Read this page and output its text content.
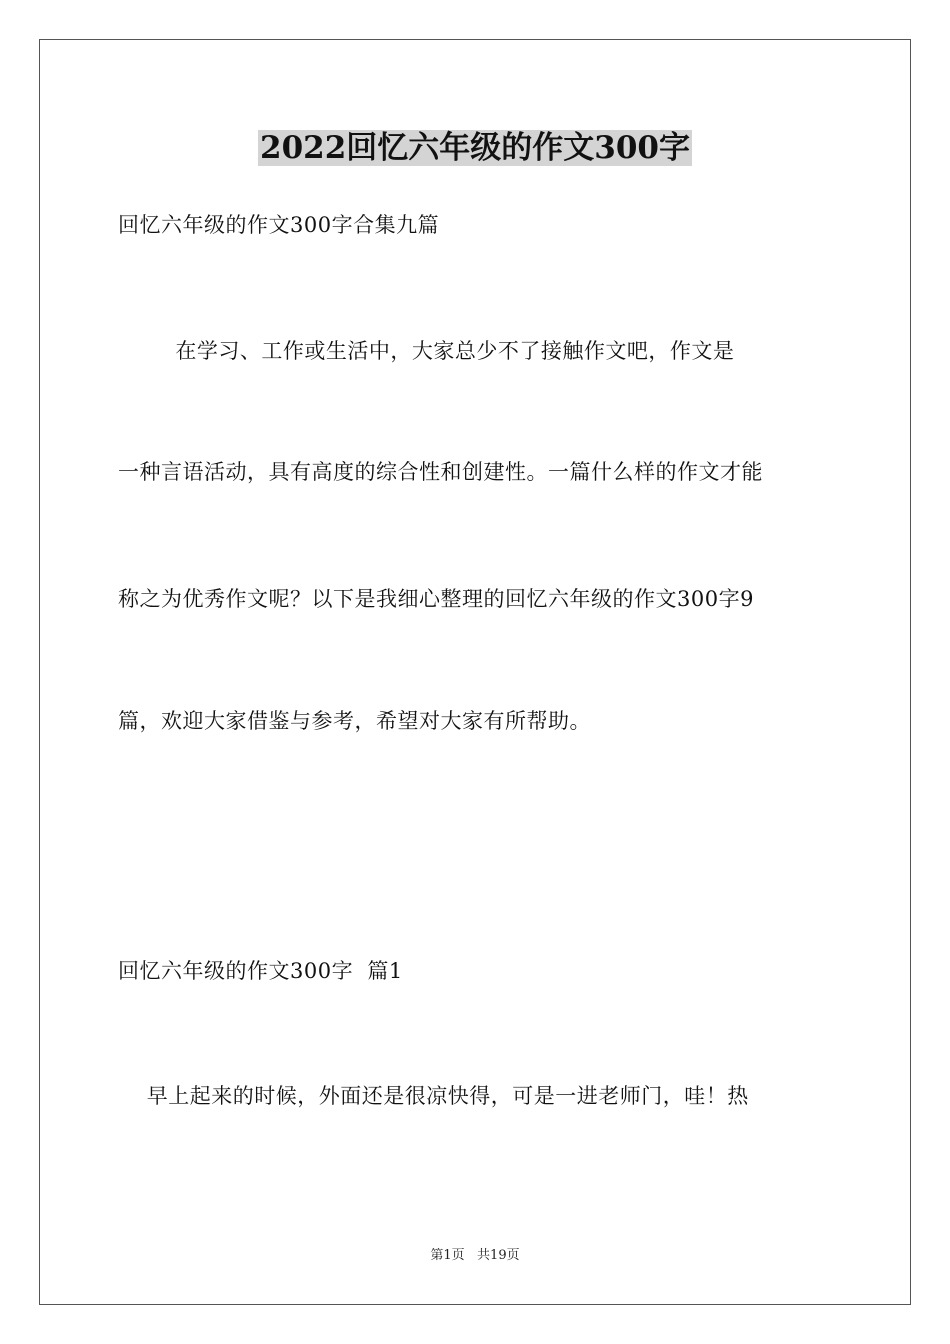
2022回忆六年级的作文300字
回忆六年级的作文300字合集九篇
在学习、工作或生活中，大家总少不了接触作文吧，作文是
一种言语活动，具有高度的综合性和创建性。一篇什么样的作文才能
称之为优秀作文呢？以下是我细心整理的回忆六年级的作文300字9
篇，欢迎大家借鉴与参考，希望对大家有所帮助。
回忆六年级的作文300字  篇1
早上起来的时候，外面还是很凉快得，可是一进老师门，哇！热
第1页   共19页
